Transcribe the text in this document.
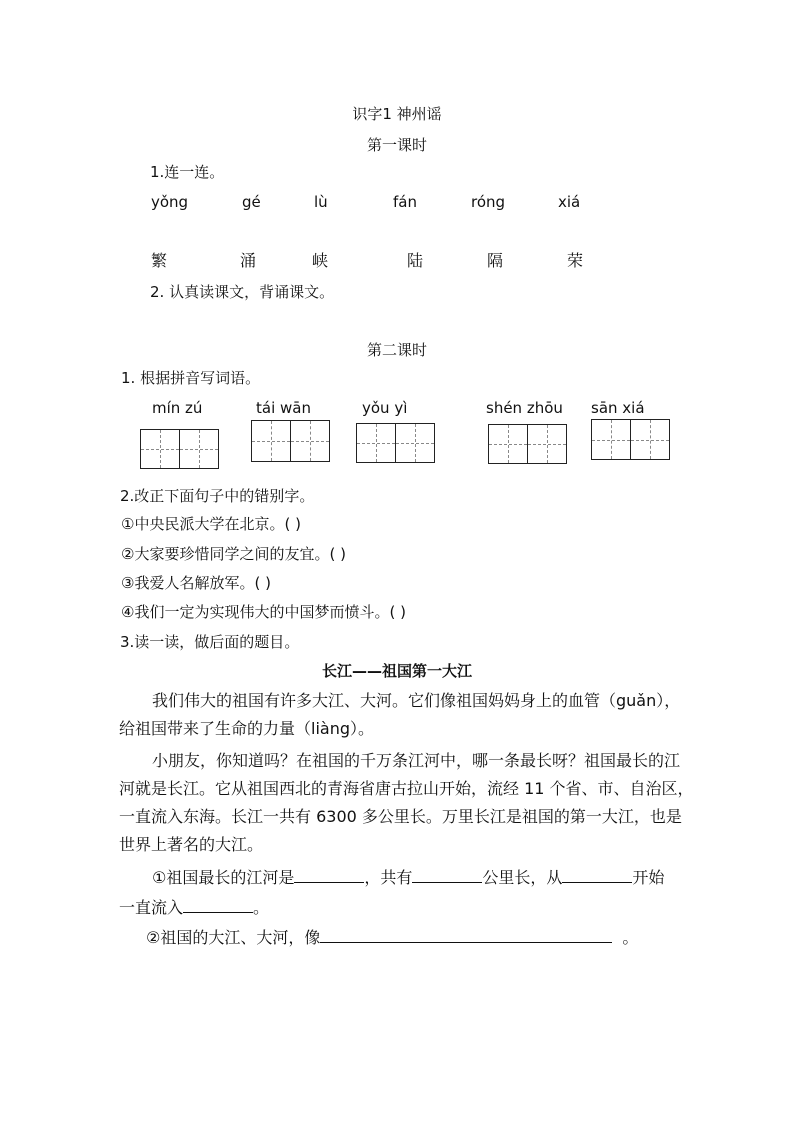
识字1 神州谣
第一课时
1.连一连。
yǒng	gé	lù	fán	róng	xiá
繁	涌	峡	陆	隔	荣
2. 认真读课文，背诵课文。
第二课时
1. 根据拼音写词语。
mín zú	tái wān	yǒu yì	shén zhōu sān xiá
2.改正下面句子中的错别字。
①中央民派大学在北京。( )
②大家要珍惜同学之间的友宜。( )
③我爱人名解放军。( )
④我们一定为实现伟大的中国梦而愤斗。( )
3.读一读，做后面的题目。
长江——祖国第一大江
我们伟大的祖国有许多大江、大河。它们像祖国妈妈身上的血管（guǎn），
给祖国带来了生命的力量（liàng）。
小朋友，你知道吗？在祖国的千万条江河中，哪一条最长呀？祖国最长的江
河就是长江。它从祖国西北的青海省唐古拉山开始，流经 11 个省、市、自治区，
一直流入东海。长江一共有 6300 多公里长。万里长江是祖国的第一大江，也是
世界上著名的大江。
①祖国最长的江河是	，共有	公里长，从	开始
一直流入	。
②祖国的大江、大河，像	。
